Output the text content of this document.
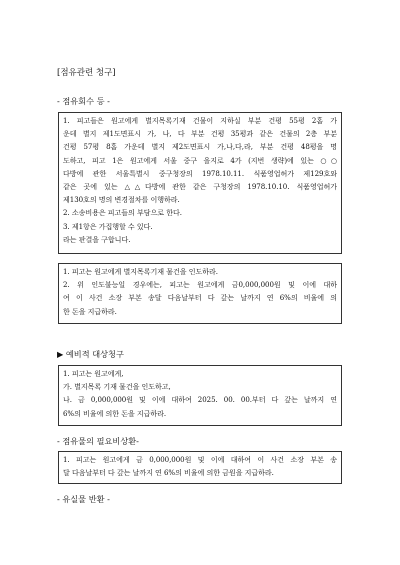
[점유관련 청구]
- 점유회수 등 -
1. 피고들은 원고에게 별지목록기재 건물이 지하실 부분 건평 55평 2홉 가
운데 별지 제1도면표시 가, 나, 다 부분 건평 35평과 같은 건물의 2층 부분
건평 57평 8홉 가운데 별지 제2도면표시 가,나,다,라, 부분 건평 48평을 명
도하고, 피고 1은 원고에게 서울 중구 을지로 4가 (지번 생략)에 있는 ○○
다방에 관한 서울특별시 중구청장의 1978.10.11. 식품영업허가 제129호와
같은 곳에 있는 △△다방에 관한 같은 구청장의 1978.10.10. 식품영업허가
제130호의 명의 변경절차를 이행하라.
2. 소송비용은 피고들의 부담으로 한다.
3. 제1항은 가집행할 수 있다.
라는 판결을 구합니다.
1. 피고는 원고에게 별지목록기재 물건을 인도하라.
2. 위 인도불능일 경우에는, 피고는 원고에게 금0,000,000원 및 이에 대하
여 이 사건 소장 부본 송달 다음날부터 다 갚는 날까지 연 6%의 비율에 의
한 돈을 지급하라.
▶ 예비적 대상청구
1. 피고는 원고에게,
가. 별지목록 기재 물건을 인도하고,
나. 금 0,000,000원 및 이에 대하여 2025. 00. 00.부터 다 갚는 날까지 연
6%의 비율에 의한 돈을 지급하라.
- 점유물의 필요비상환-
1. 피고는 원고에게 금 0,000,000원 및 이에 대하여 이 사건 소장 부본 송
달 다음날부터 다 갚는 날까지 연 6%의 비율에 의한 금원을 지급하라.
- 유실물 반환 -
